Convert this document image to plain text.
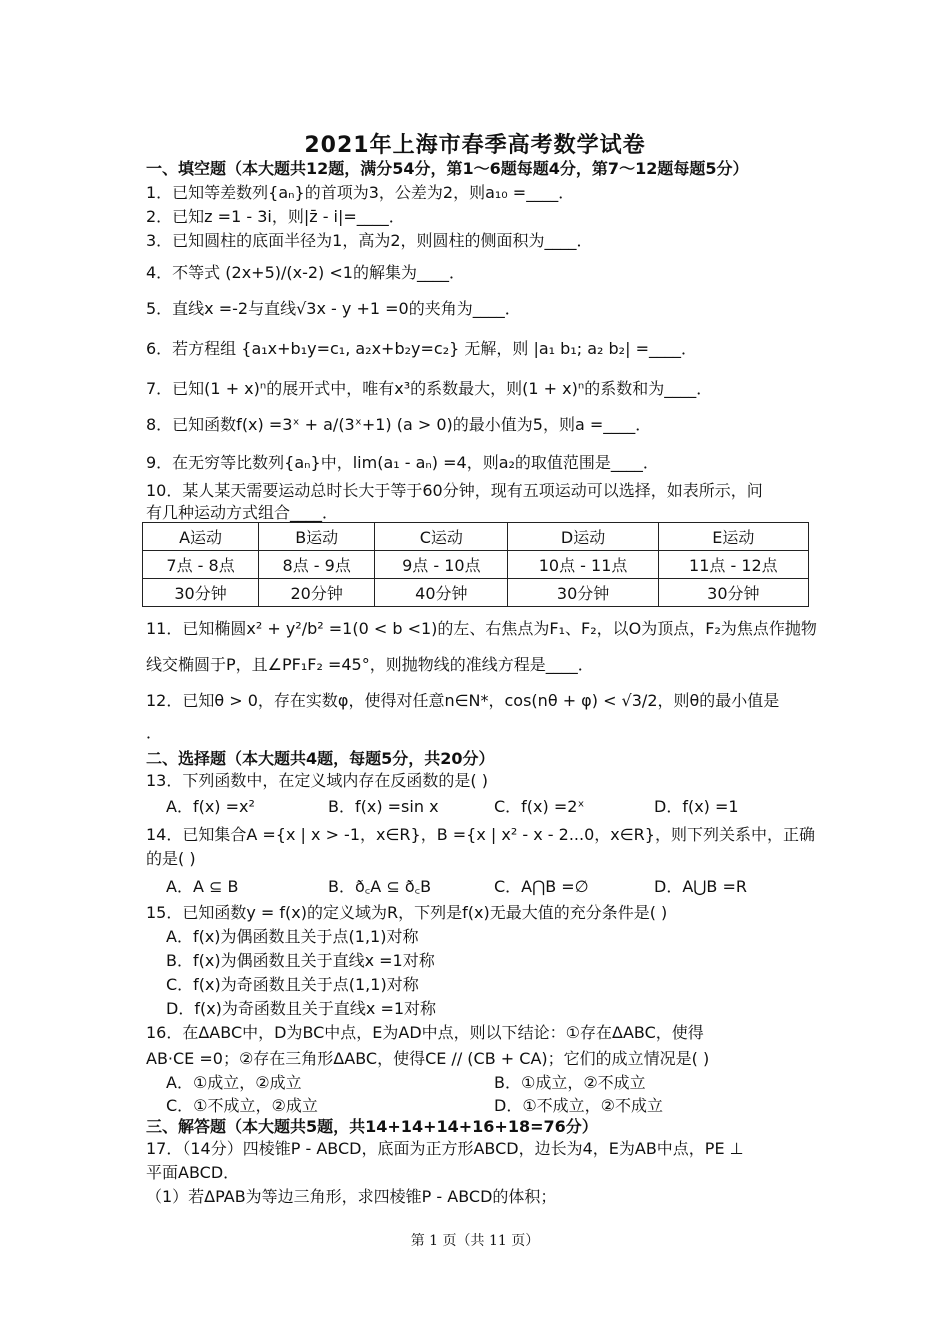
2021年上海市春季高考数学试卷
一、填空题（本大题共12题，满分54分，第1～6题每题4分，第7～12题每题5分）
1．已知等差数列{aₙ}的首项为3，公差为2，则a₁₀ =____．
2．已知z =1 - 3i，则|z̄ - i|=____．
3．已知圆柱的底面半径为1，高为2，则圆柱的侧面积为____．
4．不等式 (2x+5)/(x-2) <1的解集为____．
5．直线x =-2与直线√3x - y +1 =0的夹角为____．
6．若方程组 {a₁x+b₁y=c₁, a₂x+b₂y=c₂} 无解，则 |a₁ b₁; a₂ b₂| =____．
7．已知(1 + x)ⁿ的展开式中，唯有x³的系数最大，则(1 + x)ⁿ的系数和为____．
8．已知函数f(x) =3ˣ + a/(3ˣ+1) (a > 0)的最小值为5，则a =____．
9．在无穷等比数列{aₙ}中，lim(a₁ - aₙ) =4，则a₂的取值范围是____．
10．某人某天需要运动总时长大于等于60分钟，现有五项运动可以选择，如表所示，问
有几种运动方式组合____．
A运动	B运动	C运动	D运动	E运动
7点 - 8点	8点 - 9点	9点 - 10点	10点 - 11点	11点 - 12点
30分钟	20分钟	40分钟	30分钟	30分钟
11．已知椭圆x² + y²/b² =1(0 < b <1)的左、右焦点为F₁、F₂，以O为顶点，F₂为焦点作抛物
线交椭圆于P，且∠PF₁F₂ =45°，则抛物线的准线方程是____．
12．已知θ > 0，存在实数φ，使得对任意n∈N*，cos(nθ + φ) < √3/2，则θ的最小值是
．
二、选择题（本大题共4题，每题5分，共20分）
13．下列函数中，在定义域内存在反函数的是( )
A．f(x) =x²	B．f(x) =sin x	C．f(x) =2ˣ	D．f(x) =1
14．已知集合A ={x | x > -1，x∈R}，B ={x | x² - x - 2...0，x∈R}，则下列关系中，正确
的是( )
A．A ⊆ B	B．ð꜀A ⊆ ð꜀B	C．A⋂B =∅	D．A⋃B =R
15．已知函数y = f(x)的定义域为R，下列是f(x)无最大值的充分条件是( )
A．f(x)为偶函数且关于点(1,1)对称
B．f(x)为偶函数且关于直线x =1对称
C．f(x)为奇函数且关于点(1,1)对称
D．f(x)为奇函数且关于直线x =1对称
16．在ΔABC中，D为BC中点，E为AD中点，则以下结论：①存在ΔABC，使得
AB·CE =0；②存在三角形ΔABC，使得CE // (CB + CA)；它们的成立情况是( )
A．①成立，②成立	B．①成立，②不成立
C．①不成立，②成立	D．①不成立，②不成立
三、解答题（本大题共5题，共14+14+14+16+18=76分）
17．（14分）四棱锥P - ABCD，底面为正方形ABCD，边长为4，E为AB中点，PE ⊥
平面ABCD．
（1）若ΔPAB为等边三角形，求四棱锥P - ABCD的体积；
第 1 页（共 11 页）
